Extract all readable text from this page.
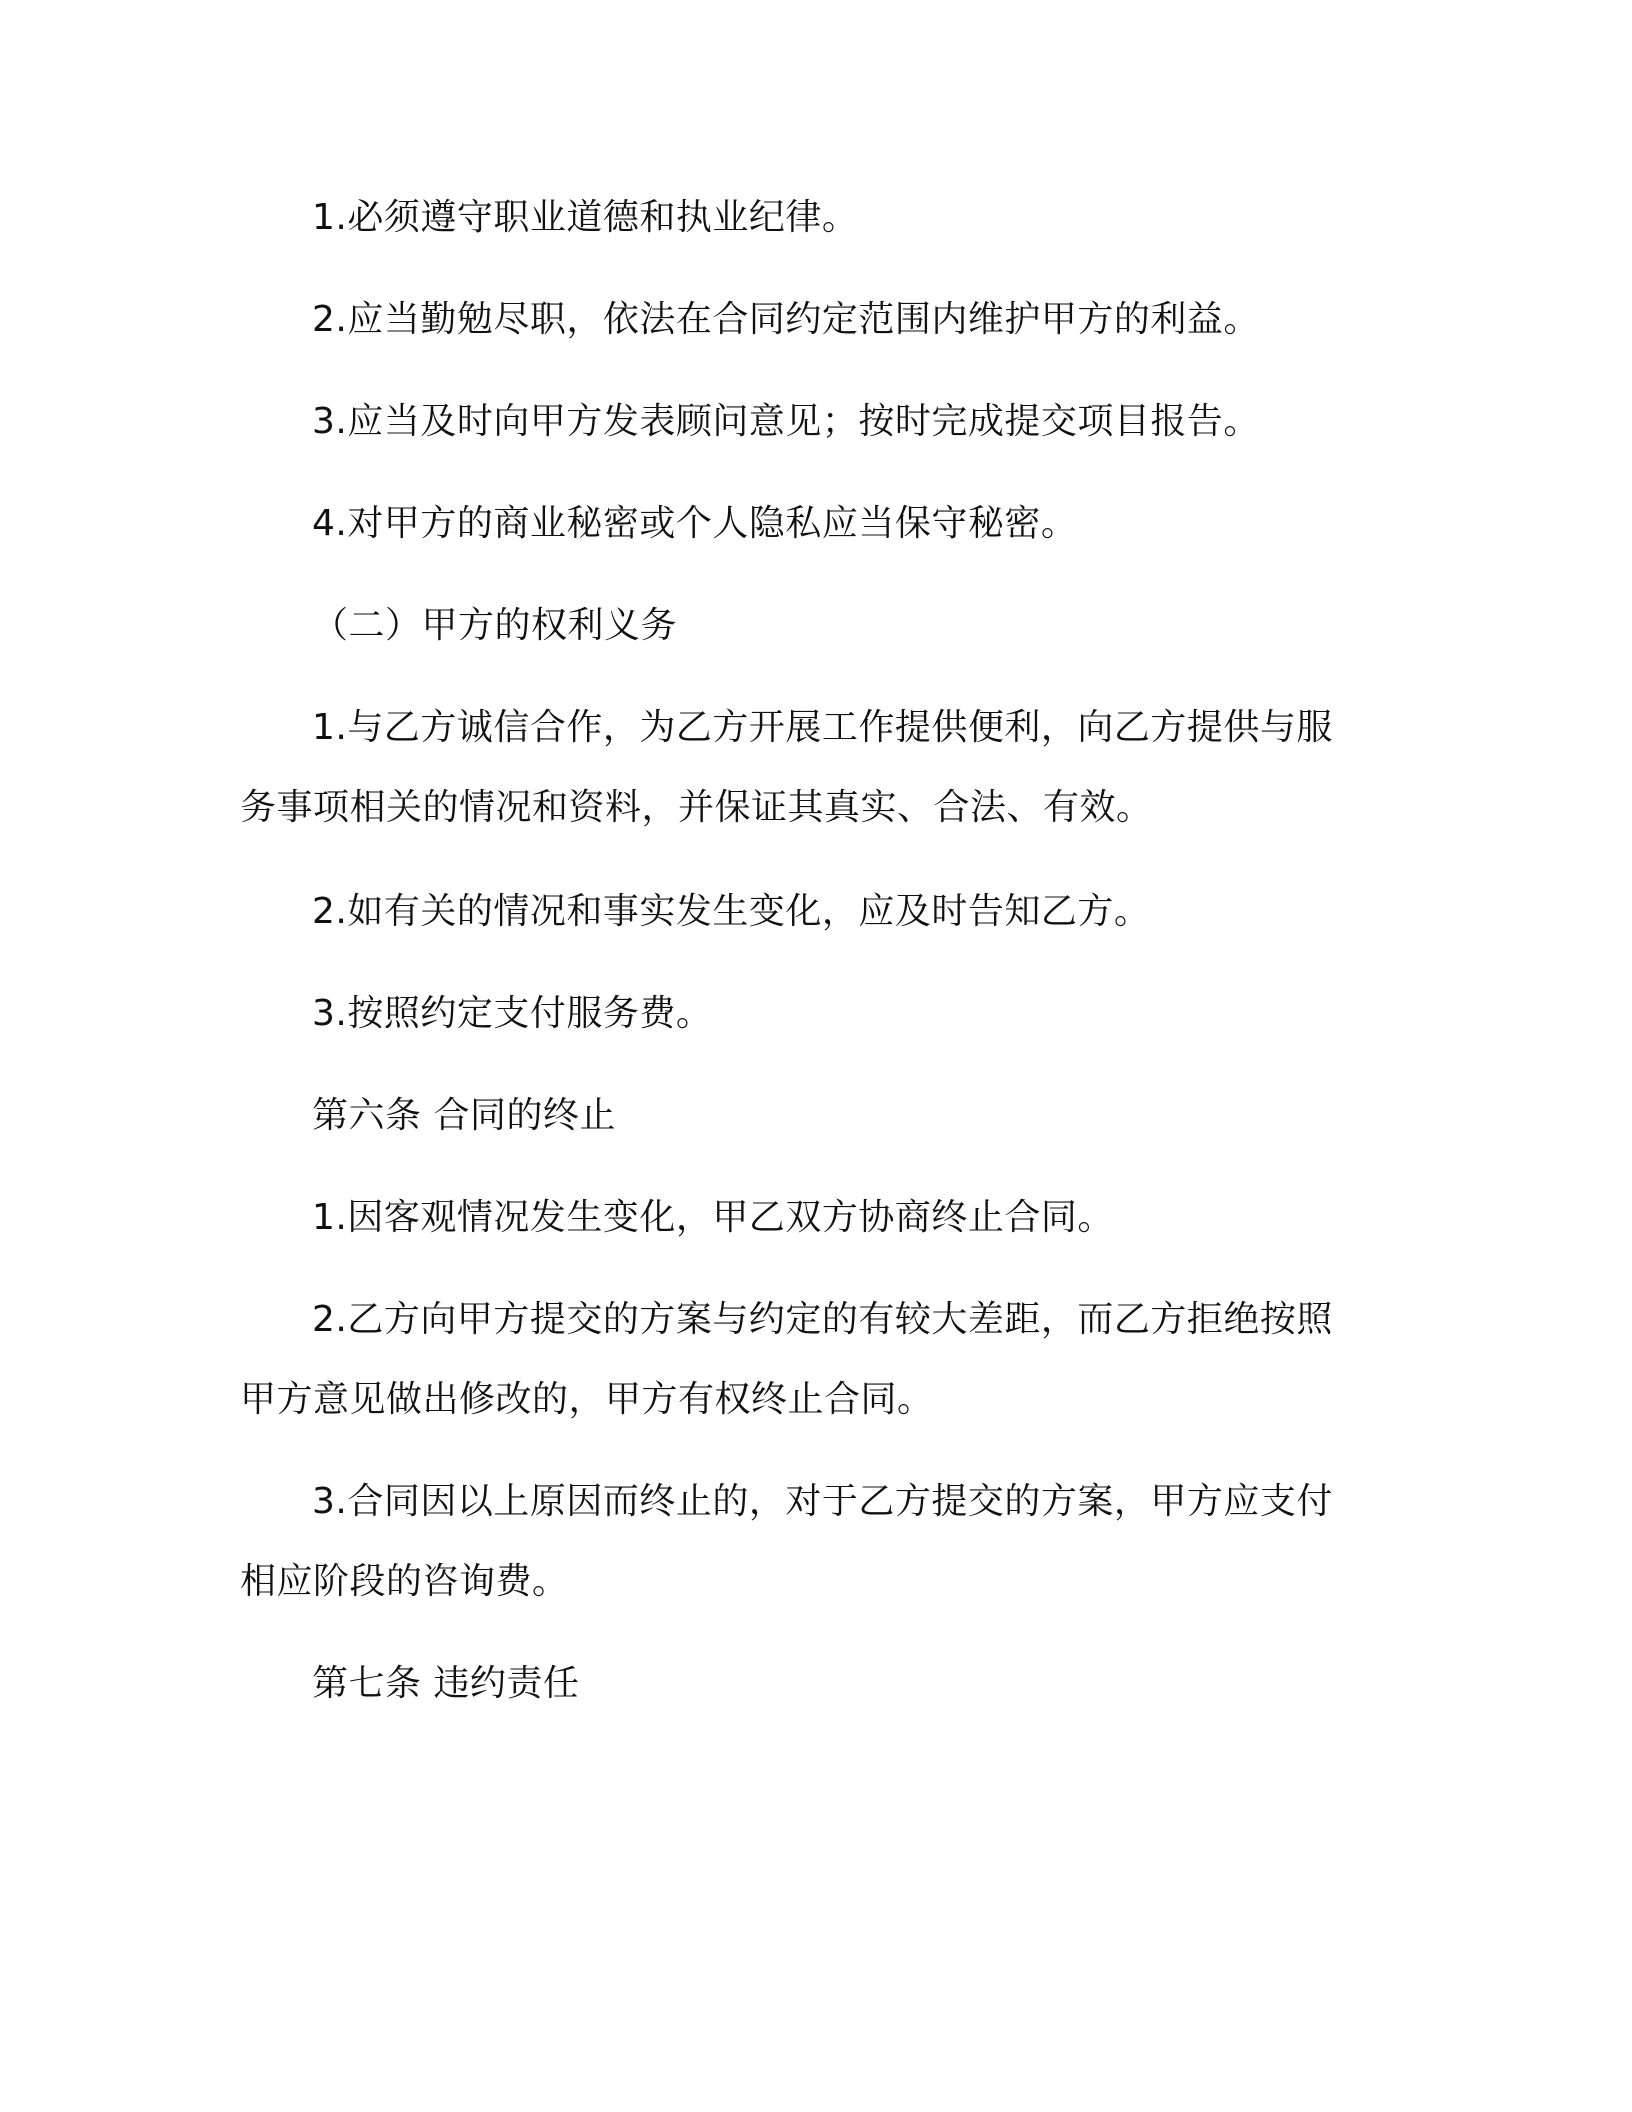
1.必须遵守职业道德和执业纪律。

2.应当勤勉尽职，依法在合同约定范围内维护甲方的利益。

3.应当及时向甲方发表顾问意见；按时完成提交项目报告。

4.对甲方的商业秘密或个人隐私应当保守秘密。

（二）甲方的权利义务

1.与乙方诚信合作，为乙方开展工作提供便利，向乙方提供与服务事项相关的情况和资料，并保证其真实、合法、有效。

2.如有关的情况和事实发生变化，应及时告知乙方。

3.按照约定支付服务费。

第六条 合同的终止

1.因客观情况发生变化，甲乙双方协商终止合同。

2.乙方向甲方提交的方案与约定的有较大差距，而乙方拒绝按照甲方意见做出修改的，甲方有权终止合同。

3.合同因以上原因而终止的，对于乙方提交的方案，甲方应支付相应阶段的咨询费。

第七条 违约责任
